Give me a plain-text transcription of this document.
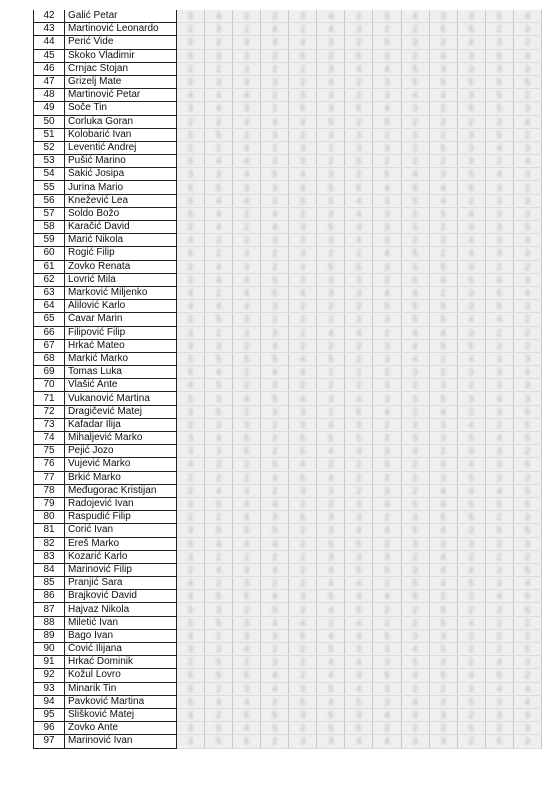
42	Galić Petar	3	4	2	2	3	4	2	5	4	3	3	5	4

43	Martinović Leonardo	2	3	2	4	2	4	3	2	2	5	5	2	3

44	Perić Vide	5	2	3	4	4	3	2	5	3	2	4	3	2

45	Skoko Vladimir	5	3	3	2	5	2	5	3	2	4	3	5	4

46	Crnjac Stojan	2	2	3	2	2	3	4	4	5	3	3	3	3

47	Grizelj Mate	5	3	3	3	2	4	2	3	5	5	5	5	5

48	Martinović Petar	4	4	4	2	3	3	2	3	4	4	3	5	2

49	Soče Tin	3	4	3	2	5	3	5	4	3	2	5	5	3

50	Ćorluka Goran	2	2	4	4	4	5	2	5	2	2	2	2	4

51	Kolobarić Ivan	5	5	2	3	2	3	3	2	3	2	3	5	2

52	Leventić Andrej	2	2	4	2	3	2	3	3	2	5	3	4	3

53	Pušić Marino	5	4	4	3	3	2	5	2	2	2	3	2	4

54	Šakić Josipa	3	3	4	5	4	3	2	5	4	3	5	4	3

55	Jurina Mario	5	5	3	3	4	5	5	4	5	4	5	3	2

56	Knežević Lea	5	4	4	3	5	5	4	3	5	4	2	3	3

57	Soldo Božo	5	4	2	4	2	2	4	3	2	5	4	2	3

58	Karačić David	2	4	2	4	3	5	4	3	5	2	3	3	5

59	Marić Nikola	4	2	2	3	3	3	4	3	2	2	4	3	4

60	Rogić Filip	5	2	3	2	3	2	2	4	5	2	4	3	3

61	Zovko Renata	2	4	3	2	4	5	5	3	5	5	3	2	2

62	Lovrić Mila	2	4	4	5	3	3	3	2	5	4	5	4	3

63	Marković Miljenko	4	2	4	5	4	3	3	4	4	2	3	5	4

64	Alilović Karlo	4	4	4	3	2	2	3	5	5	5	3	5	3

65	Čavar Marin	2	5	3	2	2	2	3	3	5	5	4	4	2

66	Filipović Filip	3	2	3	3	2	4	4	2	4	4	3	2	2

67	Hrkać Mateo	3	3	2	4	2	2	3	3	4	5	5	2	2

68	Markić Marko	5	5	5	5	4	5	2	3	4	2	4	3	3

69	Tomas Luka	5	4	2	4	4	2	2	2	3	2	3	3	4

70	Vlašić Ante	4	5	2	3	2	2	2	3	2	3	2	3	3

71	Vukanović Martina	5	3	4	5	4	3	4	3	3	5	3	4	3

72	Dragičević Matej	3	5	2	3	3	2	5	4	2	4	2	3	5

73	Kafadar Ilija	2	3	3	2	3	4	3	2	3	3	4	2	5

74	Mihaljević Marko	3	4	5	2	5	5	5	2	3	3	5	4	5

75	Pejić Jozo	3	3	5	2	5	4	4	3	4	2	3	3	2

76	Vujević Marko	4	2	2	5	4	2	2	5	2	4	4	3	5

77	Brkić Marko	2	2	2	4	5	4	2	2	2	3	5	2	2

78	Međugorac Kristijan	2	4	4	2	3	3	2	3	2	4	4	4	5

79	Radojević Ivan	3	5	4	4	2	2	3	4	5	4	5	5	5

80	Raspudić Filip	2	2	4	3	5	3	3	2	3	5	5	2	3

81	Ćorić Ivan	3	5	5	5	2	3	4	4	5	4	3	5	5

82	Ereš Marko	5	4	4	4	2	5	5	2	3	3	3	2	3

83	Kozarić Karlo	3	2	2	2	2	3	3	3	2	4	2	2	2

84	Marinović Filip	2	4	3	4	2	4	5	5	3	4	4	2	5

85	Pranjić Sara	4	2	3	2	2	4	4	2	5	4	5	3	4

86	Brajković David	4	5	5	4	3	5	4	4	5	2	2	4	5

87	Hajvaz Nikola	5	3	2	5	3	4	5	2	2	5	2	2	5

88	Miletić Ivan	5	5	3	4	4	2	4	2	2	5	4	2	2

89	Bago Ivan	4	2	3	3	5	4	4	5	3	3	2	2	2

90	Čović Ilijana	3	3	4	2	2	5	3	3	4	5	2	2	5

91	Hrkać Dominik	2	5	2	3	2	4	4	3	5	2	2	4	3

92	Kožul Lovro	5	5	5	4	2	4	3	5	4	5	4	5	2

93	Minarik Tin	5	2	3	4	3	5	4	3	2	2	3	4	4

94	Pavković Martina	5	4	4	2	5	4	5	3	4	2	5	3	4

95	Slišković Matej	4	2	5	5	3	5	3	4	3	3	2	3	3

96	Zovko Ante	3	5	4	5	2	5	5	2	2	2	5	2	3

97	Marinović Ivan	3	5	5	2	3	3	4	4	3	3	2	5	3
